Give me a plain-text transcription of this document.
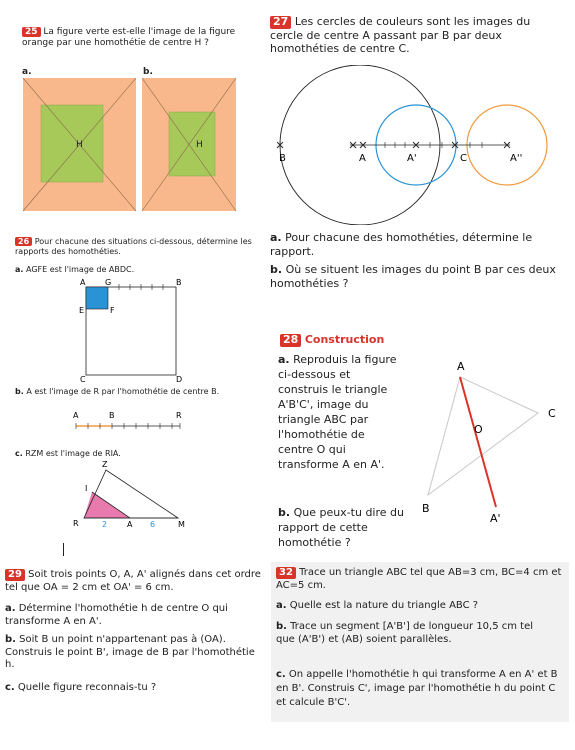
25 La figure verte est-elle l'image de la figure orange par une homothétie de centre H ?
a.	b.
H	H
26 Pour chacune des situations ci-dessous, détermine les rapports des homothéties.
a. AGFE est l'image de ABDC.
A G	B
E	F
C	D
b. A est l'image de R par l'homothétie de centre B.
A	B	R
c. RZM est l'image de RIA.
Z
I
R	A	M
2	6
27 Les cercles de couleurs sont les images du cercle de centre A passant par B par deux homothéties de centre C.
B	A	A'	C	A''
a. Pour chacune des homothéties, détermine le rapport.
b. Où se situent les images du point B par ces deux homothéties ?
28 Construction
a. Reproduis la figure ci-dessous et construis le triangle A'B'C', image du triangle ABC par l'homothétie de centre O qui transforme A en A'.
b. Que peux-tu dire du rapport de cette homothétie ?
A
C
O
B
A'
29 Soit trois points O, A, A' alignés dans cet ordre tel que OA = 2 cm et OA' = 6 cm.
a. Détermine l'homothétie h de centre O qui transforme A en A'.
b. Soit B un point n'appartenant pas à (OA). Construis le point B', image de B par l'homothétie h.
c. Quelle figure reconnais-tu ?
32 Trace un triangle ABC tel que AB=3 cm, BC=4 cm et AC=5 cm.
a. Quelle est la nature du triangle ABC ?
b. Trace un segment [A'B'] de longueur 10,5 cm tel que (A'B') et (AB) soient parallèles.
c. On appelle l'homothétie h qui transforme A en A' et B en B'. Construis C', image par l'homothétie h du point C et calcule B'C'.
